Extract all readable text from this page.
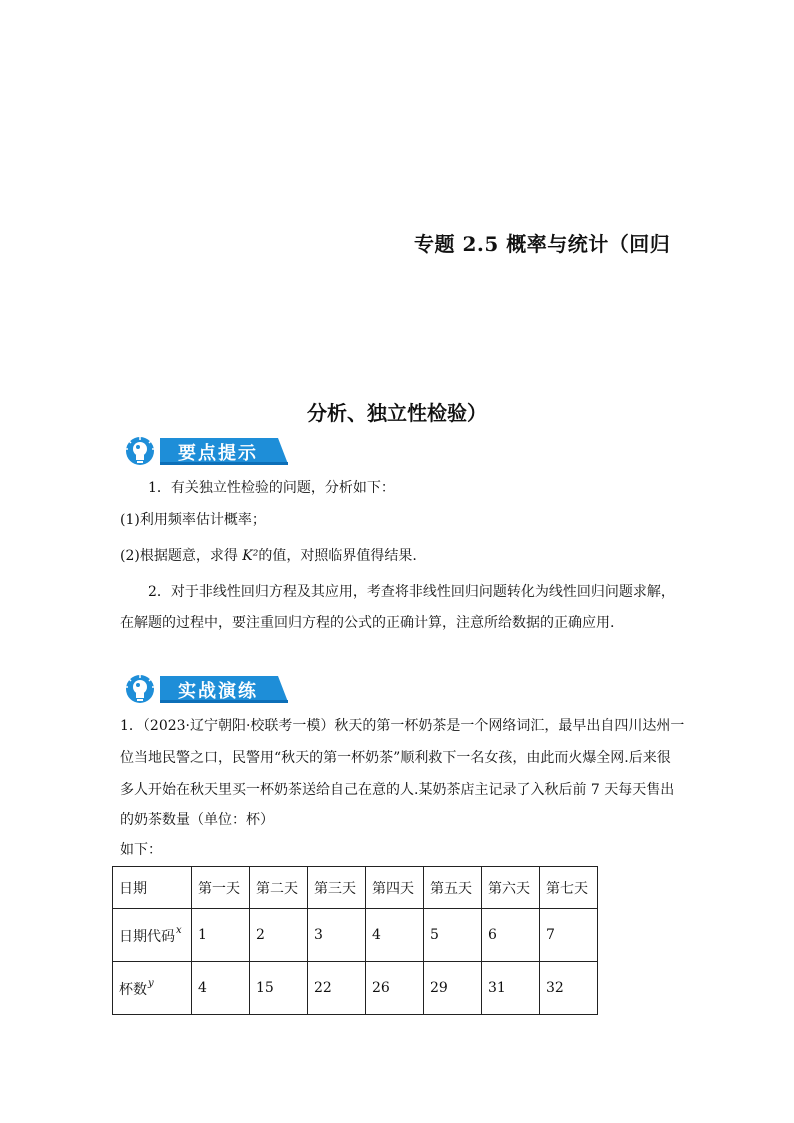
专题 2.5 概率与统计（回归
分析、独立性检验）
要点提示
1．有关独立性检验的问题，分析如下：
(1)利用频率估计概率；
(2)根据题意，求得 K²的值，对照临界值得结果.
2．对于非线性回归方程及其应用，考查将非线性回归问题转化为线性回归问题求解，
在解题的过程中，要注重回归方程的公式的正确计算，注意所给数据的正确应用.
实战演练
1．（2023·辽宁朝阳·校联考一模）秋天的第一杯奶茶是一个网络词汇，最早出自四川达州一
位当地民警之口，民警用“秋天的第一杯奶茶”顺利救下一名女孩，由此而火爆全网.后来很
多人开始在秋天里买一杯奶茶送给自己在意的人.某奶茶店主记录了入秋后前 7 天每天售出
的奶茶数量（单位：杯）
如下：
日期	第一天	第二天	第三天	第四天	第五天	第六天	第七天
日期代码$^x$	1	2	3	4	5	6	7
杯数$^y$	4	15	22	26	29	31	32
